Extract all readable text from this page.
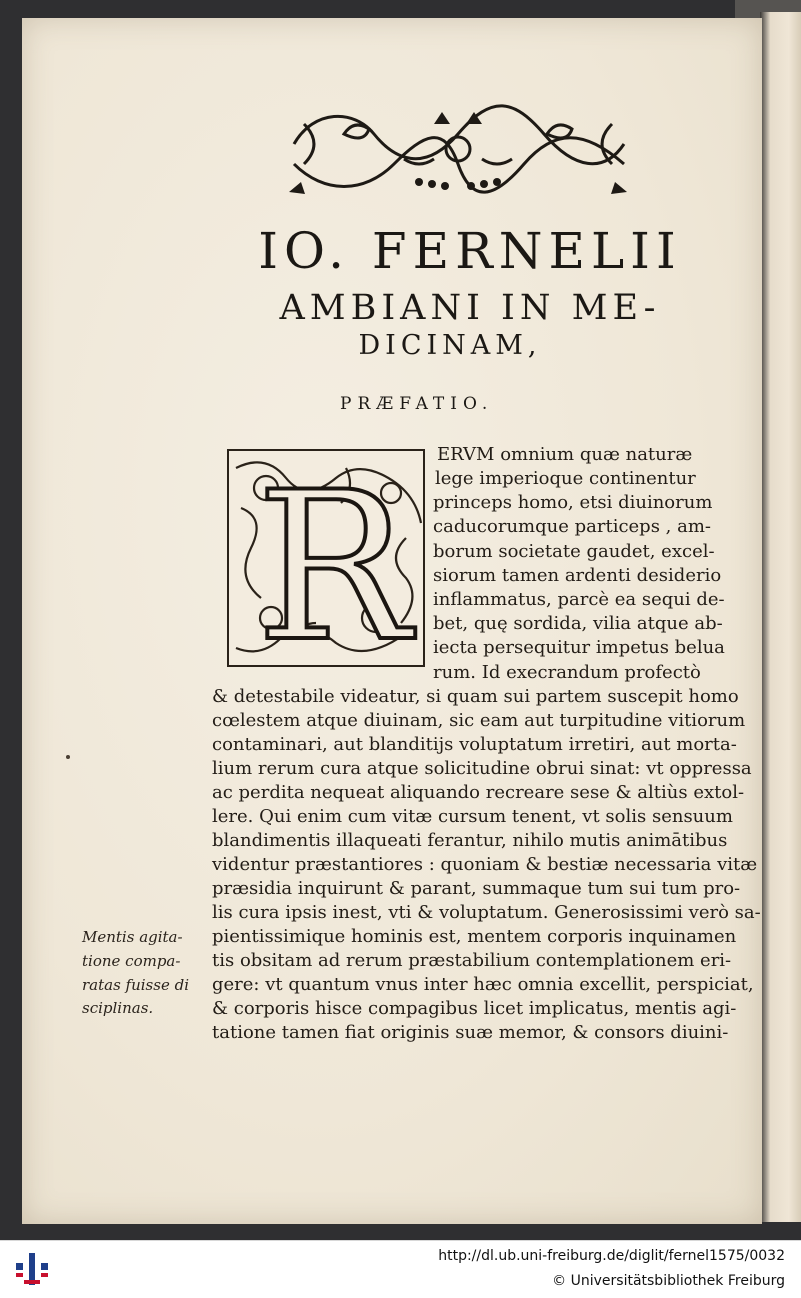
IO. FERNELII
AMBIANI IN ME-
DICINAM,
PRÆFATIO.
R	ERVM omnium quæ naturæ
lege imperioque continentur
princeps homo, etsi diuinorum
caducorumque particeps , am-
borum societate gaudet, excel-
siorum tamen ardenti desiderio
inflammatus, parcè ea sequi de-
bet, quę sordida, vilia atque ab-
iecta persequitur impetus belua
rum. Id execrandum profectò
& detestabile videatur, si quam sui partem suscepit homo
cœlestem atque diuinam, sic eam aut turpitudine vitiorum
contaminari, aut blanditijs voluptatum irretiri, aut morta-
lium rerum cura atque solicitudine obrui sinat: vt oppressa
ac perdita nequeat aliquando recreare sese & altiùs extol-
lere. Qui enim cum vitæ cursum tenent, vt solis sensuum
blandimentis illaqueati ferantur, nihilo mutis animātibus
videntur præstantiores : quoniam & bestiæ necessaria vitæ
præsidia inquirunt & parant, summaque tum sui tum pro-
lis cura ipsis inest, vti & voluptatum. Generosissimi verò sa-
pientissimique hominis est, mentem corporis inquinamen
tis obsitam ad rerum præstabilium contemplationem eri-
gere: vt quantum vnus inter hæc omnia excellit, perspiciat,
& corporis hisce compagibus licet implicatus, mentis agi-
tatione tamen fiat originis suæ memor, & consors diuini-
Mentis agita-
tione compa-
ratas fuisse di
sciplinas.
http://dl.ub.uni-freiburg.de/diglit/fernel1575/0032
© Universitätsbibliothek Freiburg
